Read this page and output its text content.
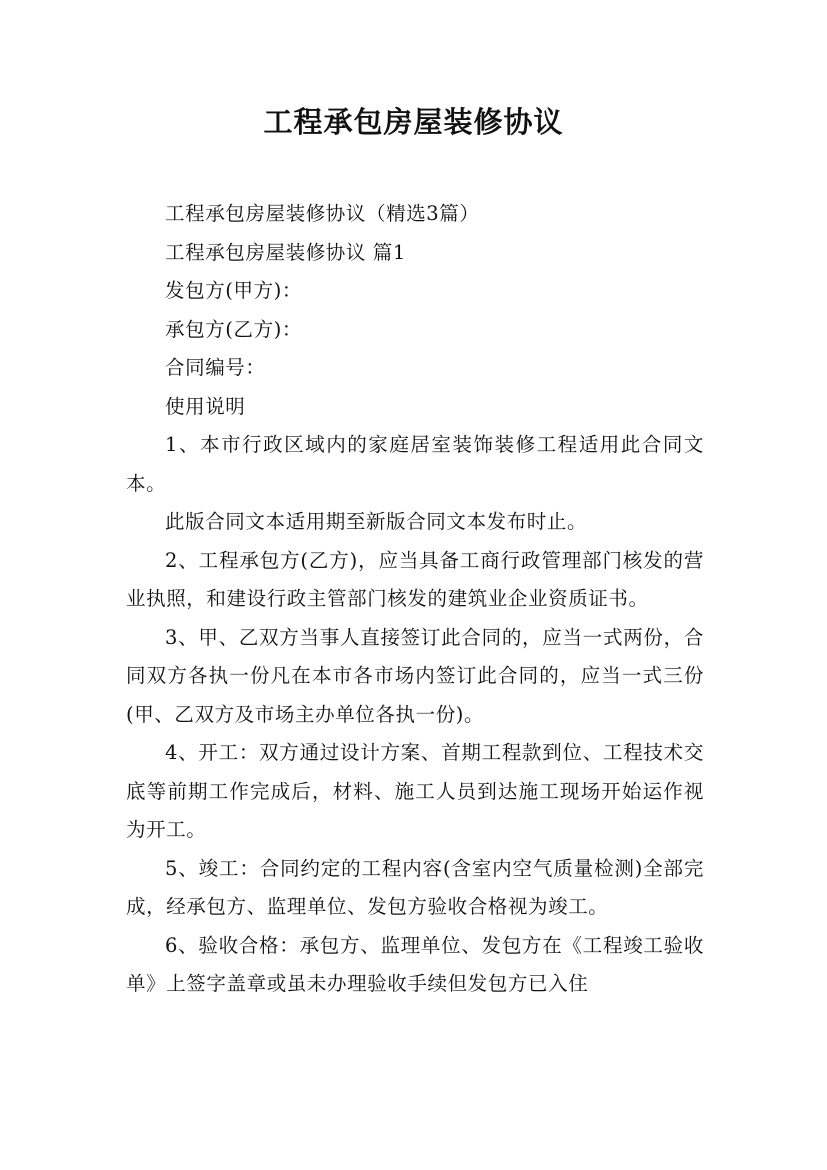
工程承包房屋装修协议

工程承包房屋装修协议（精选3篇）

工程承包房屋装修协议 篇1

发包方(甲方)：

承包方(乙方)：

合同编号：

使用说明

1、本市行政区域内的家庭居室装饰装修工程适用此合同文本。

此版合同文本适用期至新版合同文本发布时止。

2、工程承包方(乙方)，应当具备工商行政管理部门核发的营业执照，和建设行政主管部门核发的建筑业企业资质证书。

3、甲、乙双方当事人直接签订此合同的，应当一式两份，合同双方各执一份凡在本市各市场内签订此合同的，应当一式三份(甲、乙双方及市场主办单位各执一份)。

4、开工：双方通过设计方案、首期工程款到位、工程技术交底等前期工作完成后，材料、施工人员到达施工现场开始运作视为开工。

5、竣工：合同约定的工程内容(含室内空气质量检测)全部完成，经承包方、监理单位、发包方验收合格视为竣工。

6、验收合格：承包方、监理单位、发包方在《工程竣工验收单》上签字盖章或虽未办理验收手续但发包方已入住
